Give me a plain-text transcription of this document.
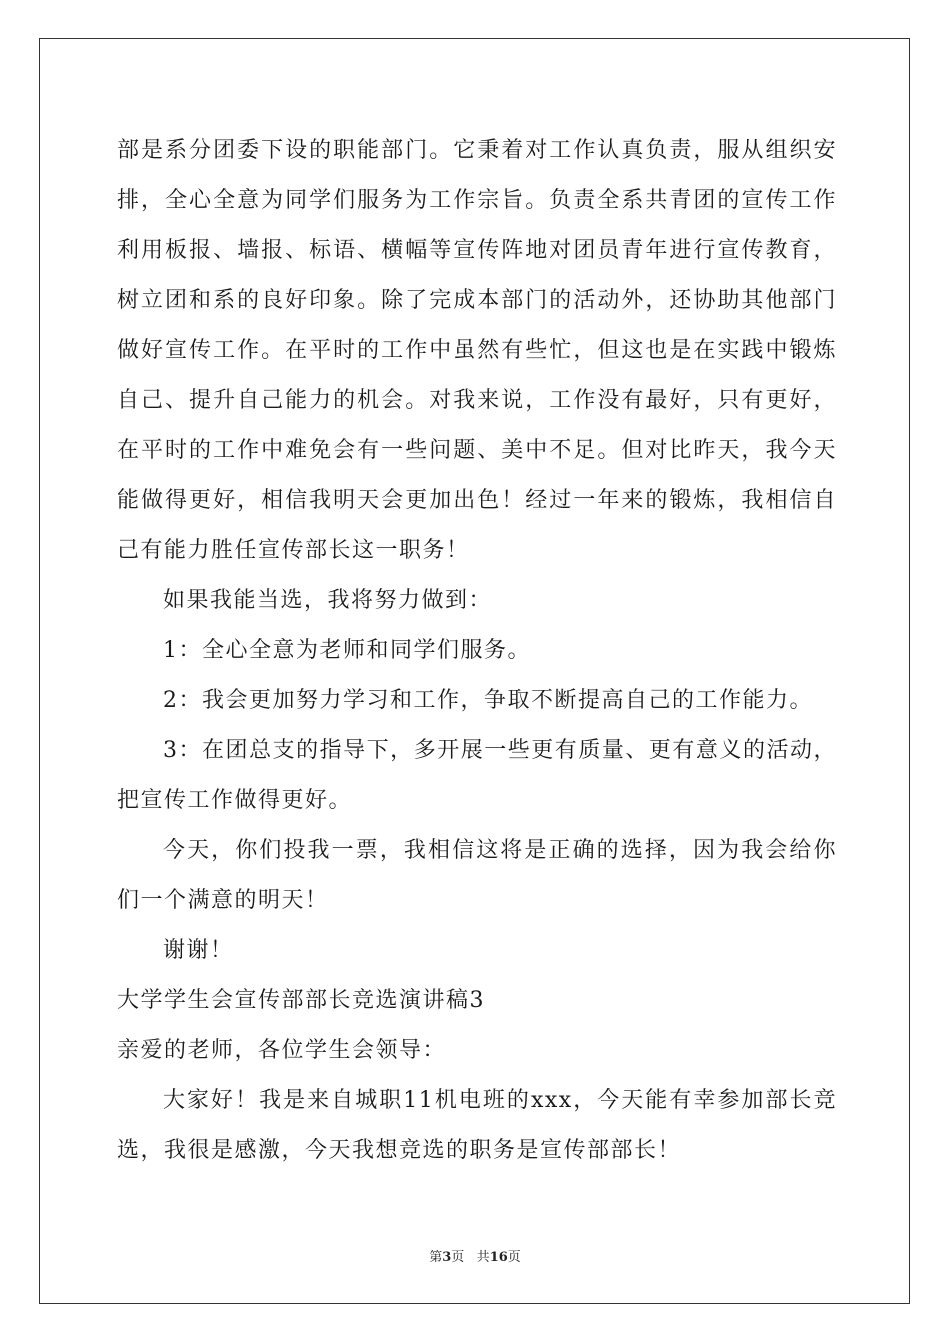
部是系分团委下设的职能部门。它秉着对工作认真负责，服从组织安排，全心全意为同学们服务为工作宗旨。负责全系共青团的宣传工作利用板报、墙报、标语、横幅等宣传阵地对团员青年进行宣传教育，树立团和系的良好印象。除了完成本部门的活动外，还协助其他部门做好宣传工作。在平时的工作中虽然有些忙，但这也是在实践中锻炼自己、提升自己能力的机会。对我来说，工作没有最好，只有更好，在平时的工作中难免会有一些问题、美中不足。但对比昨天，我今天能做得更好，相信我明天会更加出色！经过一年来的锻炼，我相信自己有能力胜任宣传部长这一职务！

如果我能当选，我将努力做到：

1：全心全意为老师和同学们服务。

2：我会更加努力学习和工作，争取不断提高自己的工作能力。

3：在团总支的指导下，多开展一些更有质量、更有意义的活动，把宣传工作做得更好。

今天，你们投我一票，我相信这将是正确的选择，因为我会给你们一个满意的明天！

谢谢！

大学学生会宣传部部长竞选演讲稿3

亲爱的老师，各位学生会领导：

大家好！我是来自城职11机电班的xxx，今天能有幸参加部长竞选，我很是感激，今天我想竞选的职务是宣传部部长！

第3页 共16页
